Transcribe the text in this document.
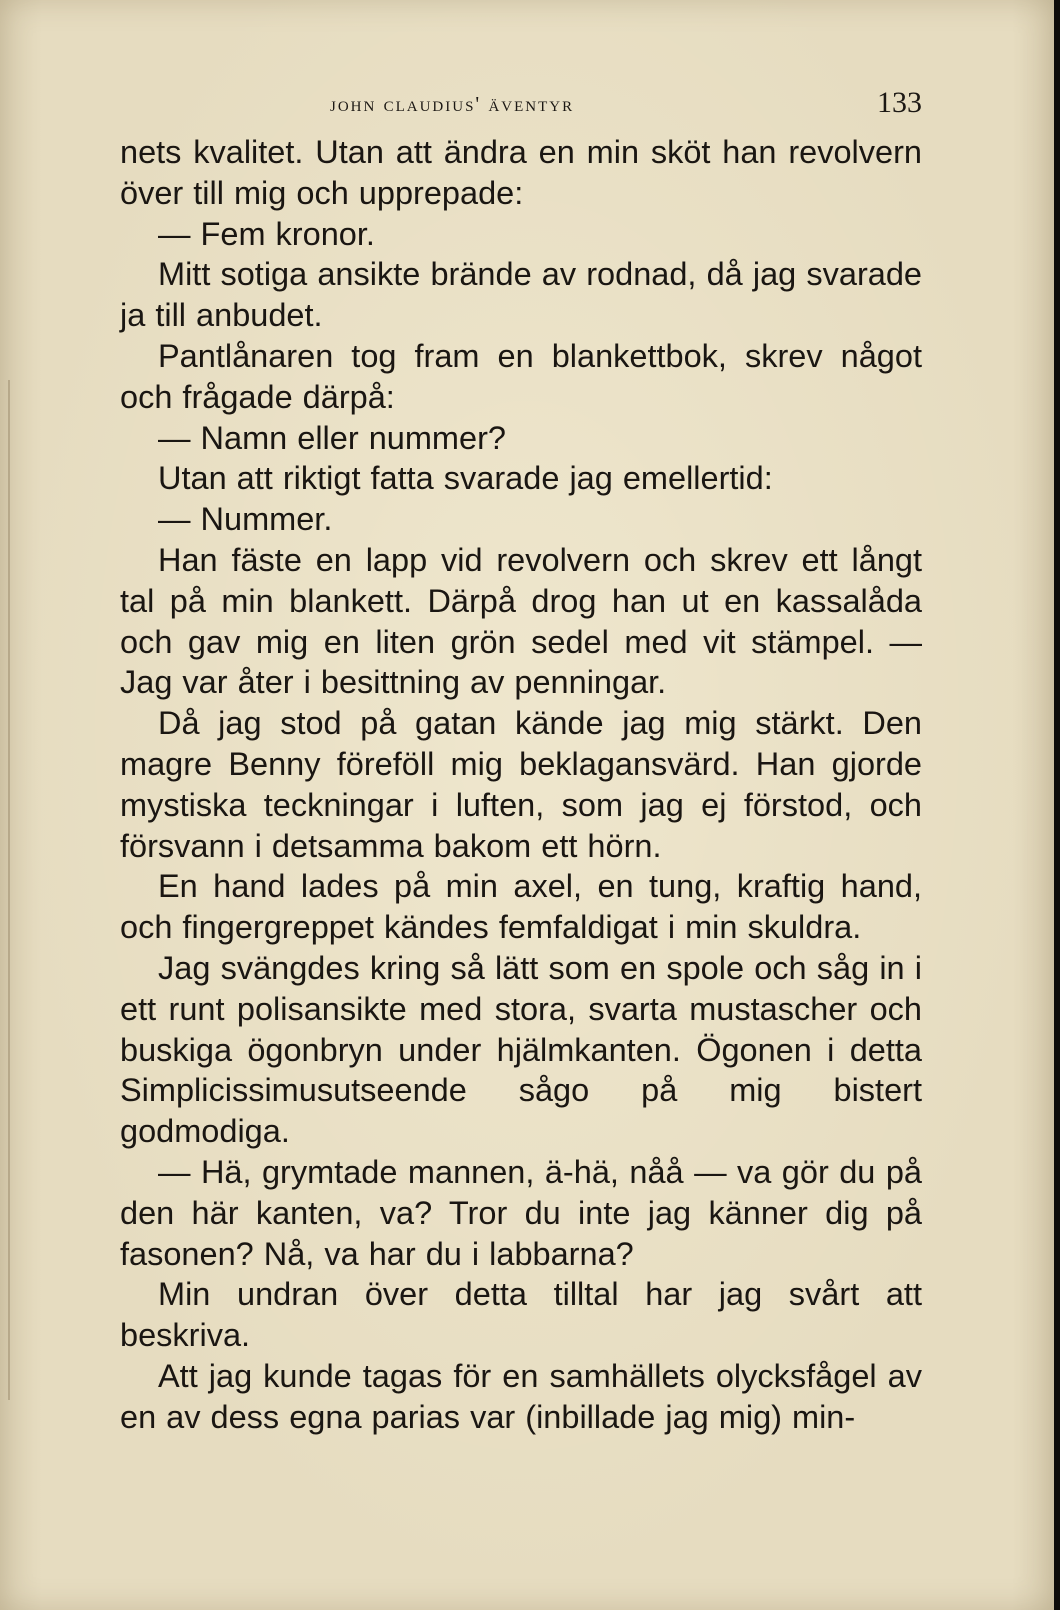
john claudius' äventyr	133

nets kvalitet. Utan att ändra en min sköt han revolvern över till mig och upprepade:

— Fem kronor.

Mitt sotiga ansikte brände av rodnad, då jag svarade ja till anbudet.

Pantlånaren tog fram en blankettbok, skrev något och frågade därpå:

— Namn eller nummer?

Utan att riktigt fatta svarade jag emellertid:

— Nummer.

Han fäste en lapp vid revolvern och skrev ett långt tal på min blankett. Därpå drog han ut en kassalåda och gav mig en liten grön sedel med vit stämpel. — Jag var åter i besittning av penningar.

Då jag stod på gatan kände jag mig stärkt. Den magre Benny föreföll mig beklagansvärd. Han gjorde mystiska teckningar i luften, som jag ej förstod, och försvann i detsamma bakom ett hörn.

En hand lades på min axel, en tung, kraftig hand, och fingergreppet kändes femfaldigat i min skuldra.

Jag svängdes kring så lätt som en spole och såg in i ett runt polisansikte med stora, svarta mustascher och buskiga ögonbryn under hjälmkanten. Ögonen i detta Simplicissimusutseende sågo på mig bistert godmodiga.

— Hä, grymtade mannen, ä-hä, nåå — va gör du på den här kanten, va? Tror du inte jag känner dig på fasonen? Nå, va har du i labbarna?

Min undran över detta tilltal har jag svårt att beskriva.

Att jag kunde tagas för en samhällets olycksfågel av en av dess egna parias var (inbillade jag mig) min-
